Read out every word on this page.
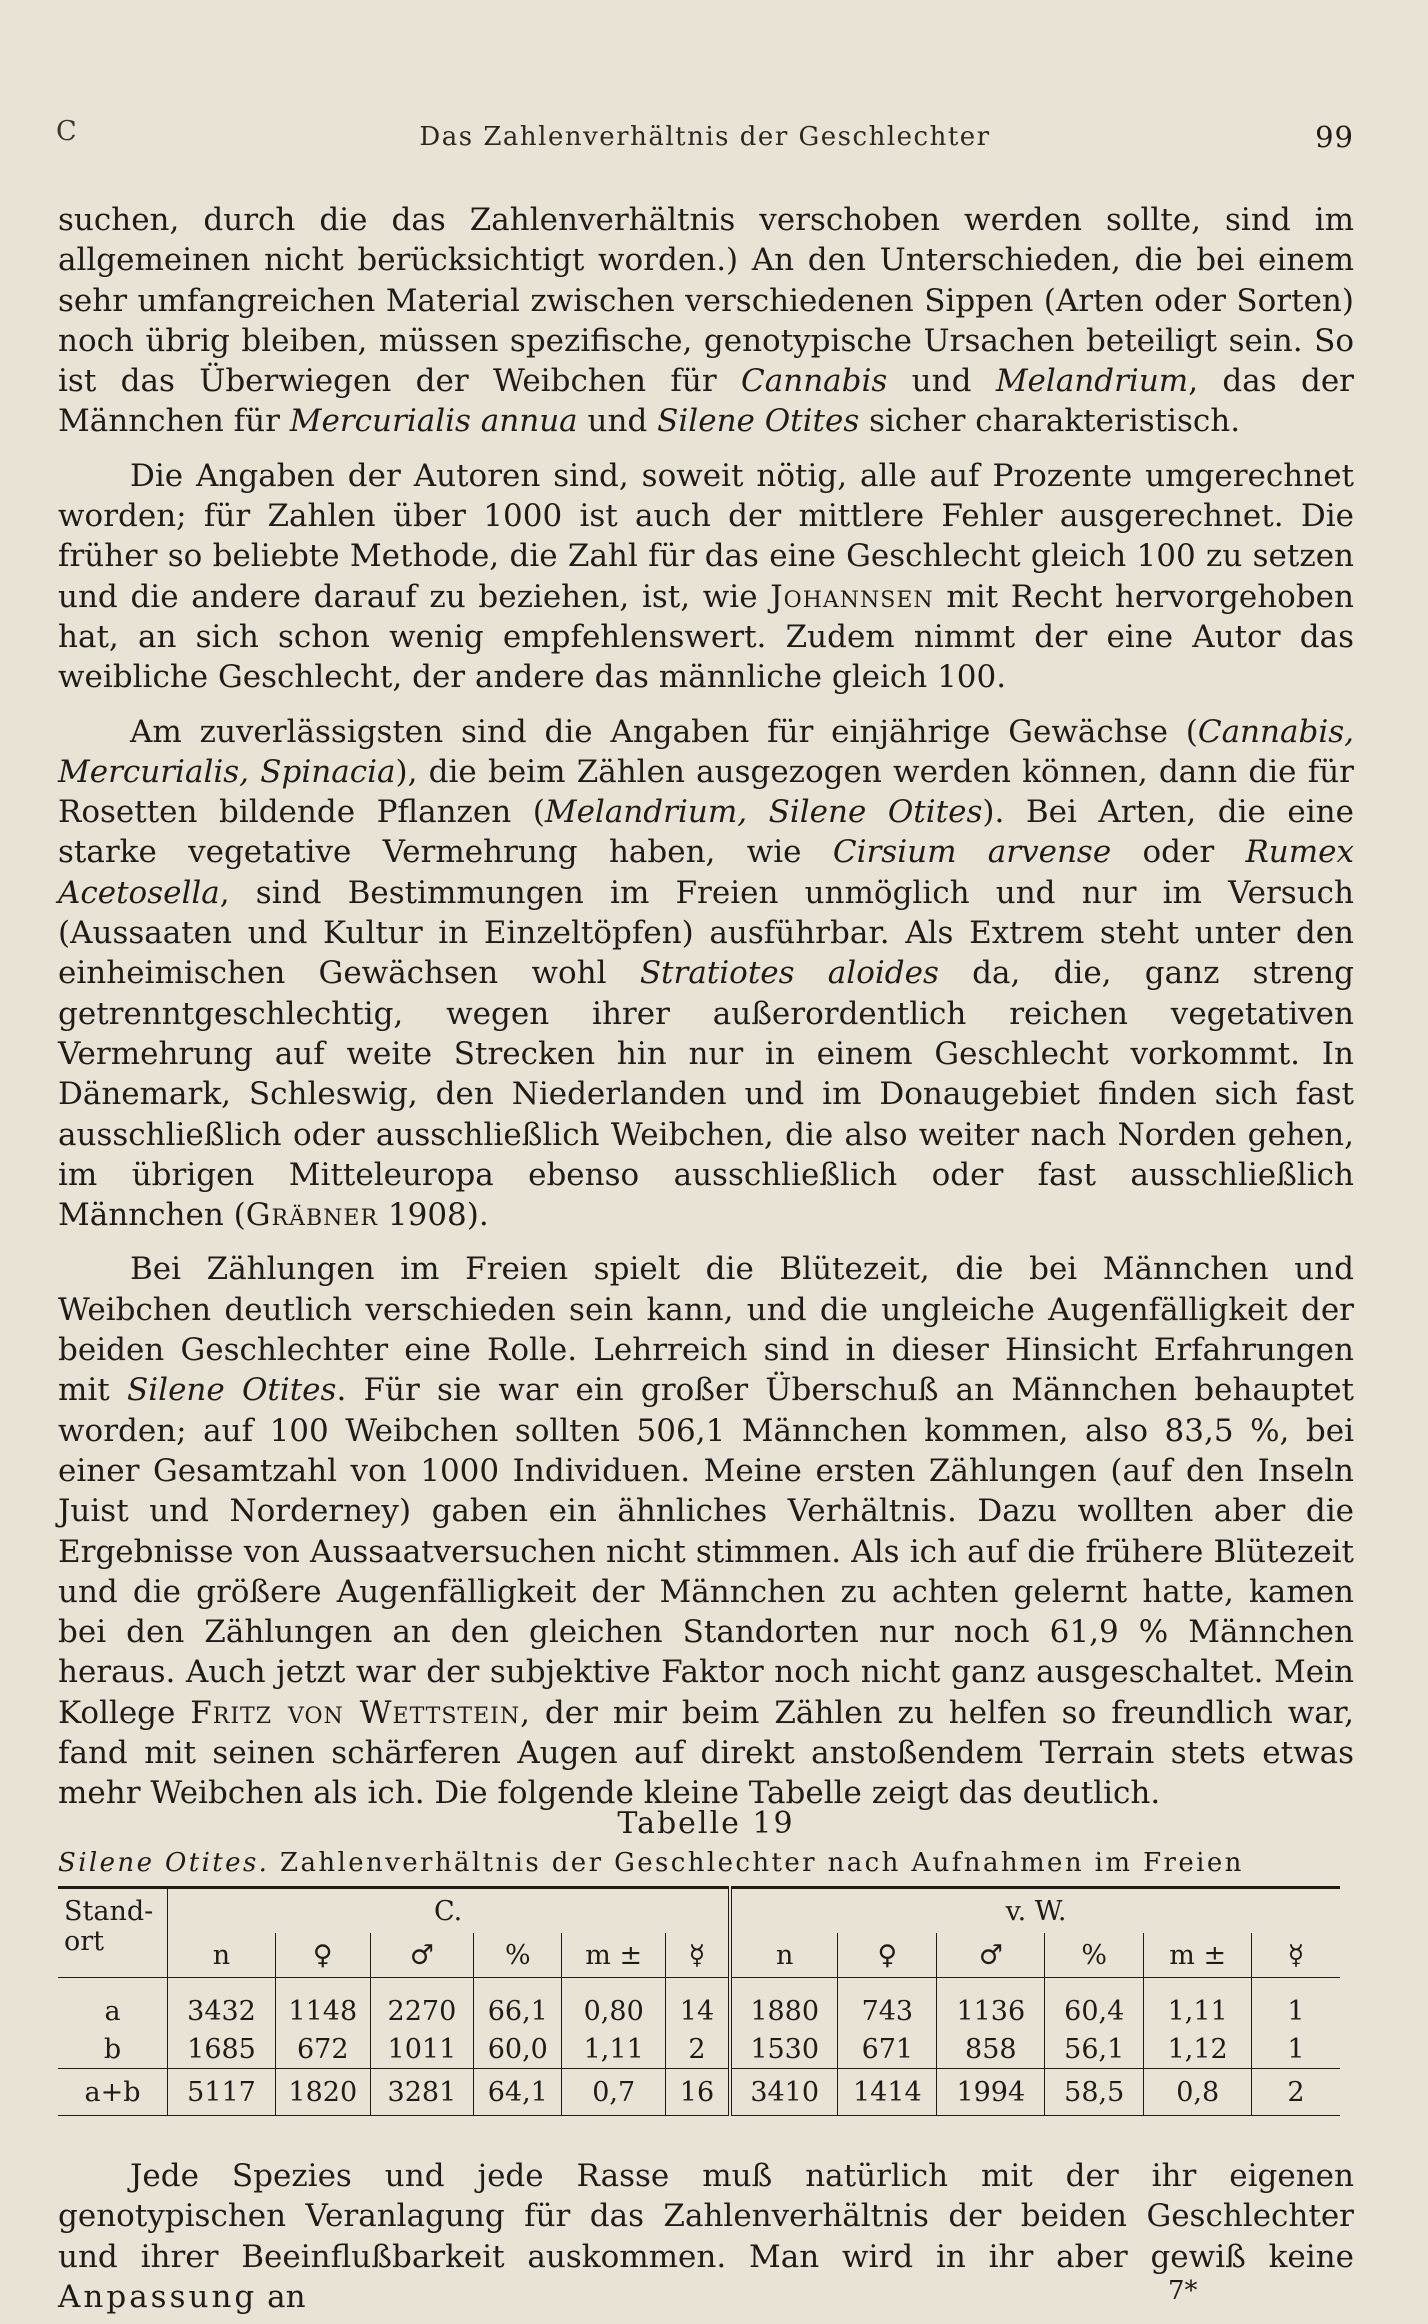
C	Das Zahlenverhältnis der Geschlechter	99

suchen, durch die das Zahlenverhältnis verschoben werden sollte, sind im allgemeinen nicht berücksichtigt worden.) An den Unterschieden, die bei einem sehr umfangreichen Material zwischen verschiedenen Sippen (Arten oder Sorten) noch übrig bleiben, müssen spezifische, genotypische Ursachen beteiligt sein. So ist das Überwiegen der Weibchen für Cannabis und Melandrium, das der Männchen für Mercurialis annua und Silene Otites sicher charakteristisch.

Die Angaben der Autoren sind, soweit nötig, alle auf Prozente umgerechnet worden; für Zahlen über 1000 ist auch der mittlere Fehler ausgerechnet. Die früher so beliebte Methode, die Zahl für das eine Geschlecht gleich 100 zu setzen und die andere darauf zu beziehen, ist, wie Johannsen mit Recht hervorgehoben hat, an sich schon wenig empfehlenswert. Zudem nimmt der eine Autor das weibliche Geschlecht, der andere das männliche gleich 100.

Am zuverlässigsten sind die Angaben für einjährige Gewächse (Cannabis, Mercurialis, Spinacia), die beim Zählen ausgezogen werden können, dann die für Rosetten bildende Pflanzen (Melandrium, Silene Otites). Bei Arten, die eine starke vegetative Vermehrung haben, wie Cirsium arvense oder Rumex Acetosella, sind Bestimmungen im Freien unmöglich und nur im Versuch (Aussaaten und Kultur in Einzeltöpfen) ausführbar. Als Extrem steht unter den einheimischen Gewächsen wohl Stratiotes aloides da, die, ganz streng getrenntgeschlechtig, wegen ihrer außerordentlich reichen vegetativen Vermehrung auf weite Strecken hin nur in einem Geschlecht vorkommt. In Dänemark, Schleswig, den Niederlanden und im Donaugebiet finden sich fast ausschließlich oder ausschließlich Weibchen, die also weiter nach Norden gehen, im übrigen Mitteleuropa ebenso ausschließlich oder fast ausschließlich Männchen (Gräbner 1908).

Bei Zählungen im Freien spielt die Blütezeit, die bei Männchen und Weibchen deutlich verschieden sein kann, und die ungleiche Augenfälligkeit der beiden Geschlechter eine Rolle. Lehrreich sind in dieser Hinsicht Erfahrungen mit Silene Otites. Für sie war ein großer Überschuß an Männchen behauptet worden; auf 100 Weibchen sollten 506,1 Männchen kommen, also 83,5 %, bei einer Gesamtzahl von 1000 Individuen. Meine ersten Zählungen (auf den Inseln Juist und Norderney) gaben ein ähnliches Verhältnis. Dazu wollten aber die Ergebnisse von Aussaatversuchen nicht stimmen. Als ich auf die frühere Blütezeit und die größere Augenfälligkeit der Männchen zu achten gelernt hatte, kamen bei den Zählungen an den gleichen Standorten nur noch 61,9 % Männchen heraus. Auch jetzt war der subjektive Faktor noch nicht ganz ausgeschaltet. Mein Kollege Fritz von Wettstein, der mir beim Zählen zu helfen so freundlich war, fand mit seinen schärferen Augen auf direkt anstoßendem Terrain stets etwas mehr Weibchen als ich. Die folgende kleine Tabelle zeigt das deutlich.

Tabelle 19
Silene Otites. Zahlenverhältnis der Geschlechter nach Aufnahmen im Freien
Stand-ort	C.						v. W.					
	n	♀	♂	%	m ±	☿	n	♀	♂	%	m ±	☿
a	3432	1148	2270	66,1	0,80	14	1880	743	1136	60,4	1,11	1
b	1685	672	1011	60,0	1,11	2	1530	671	858	56,1	1,12	1
a+b	5117	1820	3281	64,1	0,7	16	3410	1414	1994	58,5	0,8	2

Jede Spezies und jede Rasse muß natürlich mit der ihr eigenen genotypischen Veranlagung für das Zahlenverhältnis der beiden Geschlechter und ihrer Beeinflußbarkeit auskommen. Man wird in ihr aber gewiß keine Anpassung an	7*
